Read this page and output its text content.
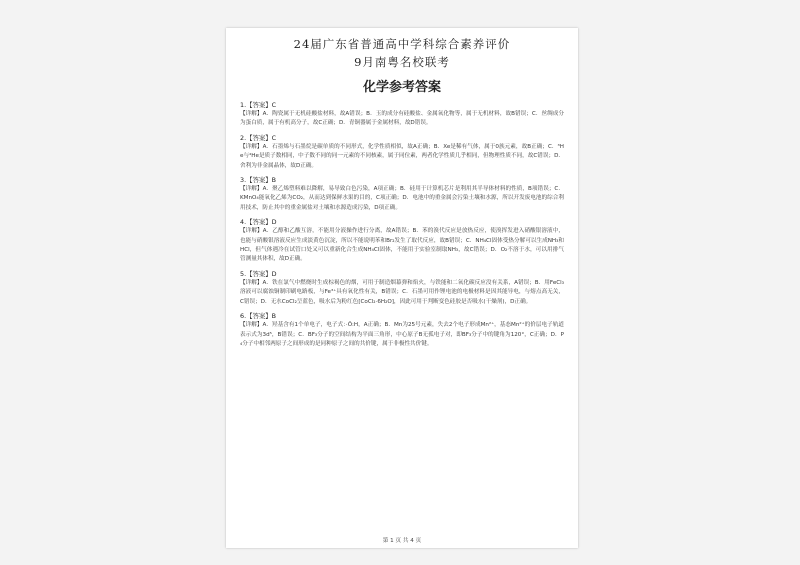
24届广东省普通高中学科综合素养评价
9月南粤名校联考
化学参考答案
1.【答案】C
【详解】A．陶瓷属于无机硅酸盐材料，故A错误；B．玉的成分有硅酸盐、金属氧化物等，属于无机材料，故B错误；C．丝绸成分为蛋白质，属于有机高分子，故C正确；D．青铜器属于金属材料，故D错误。
2.【答案】C
【详解】A．石墨烯与石墨烷是碳单质的不同形式，化学性质相似，故A正确；B．Xe是稀有气体，属于0族元素，故B正确；C．³He与⁴He是质子数相同，中子数不同的同一元素的不同核素，属于同位素，两者化学性质几乎相同，但物理性质不同，故C错误；D．舍利为非金属晶体，故D正确。
3.【答案】B
【详解】A．聚乙烯塑料难以降解，易导致白色污染，A项正确；B．硅用于计算机芯片是利用其半导体材料的性质，B项错误；C．KMnO₄能氧化乙烯为CO₂，从而达到保鲜水果的目的，C项正确；D．电池中的重金属会污染土壤和水源，所以开发废电池的综合利用技术，防止其中的重金属盐对土壤和水源造成污染，D项正确。
4.【答案】D
【详解】A．乙醇和乙酸互溶，不能用分液操作进行分离，故A错误；B．苯的溴代反应是放热反应，使溴挥发进入硝酸银溶液中，也能与硝酸银溶液反应生成淡黄色沉淀，所以不能说明苯和Br₂发生了取代反应，故B错误；C．NH₄Cl固体受热分解可以生成NH₃和HCl，但气体遇冷在试管口处又可以重新化合生成NH₄Cl固体，不能用于实验室制取NH₃，故C错误；D．O₂不溶于水，可以用排气管测量其体积，故D正确。
5.【答案】D
【详解】A．铁在氯气中燃烧时生成棕褐色的烟，可用于制造烟幕弹和焰火，与铁能和二氧化碳反应没有关系，A错误；B．用FeCl₃溶液可以腐蚀铜制印刷电路板，与Fe³⁺具有氧化性有关，B错误；C．石墨可用作锂电池的电极材料是因其能导电，与熔点高无关，C错误；D．无水CoCl₂呈蓝色，吸水后为粉红色[CoCl₂·6H₂O]，因此可用于判断变色硅胶是否吸水(干燥剂)，D正确。
6.【答案】B
【详解】A．羟基含有1个单电子，电子式：·Ö:H，A正确；B．Mn为25号元素，失去2个电子形成Mn²⁺，基态Mn²⁺的价层电子轨道表示式为3d⁵，B错误；C．BF₃分子的空间结构为平面三角形，中心原子B无孤电子对，即BF₃分子中的键角为120°，C正确；D．P₄分子中相邻两原子之间形成的是同种原子之间的共价键，属于非极性共价键。
第 1 页 共 4 页
